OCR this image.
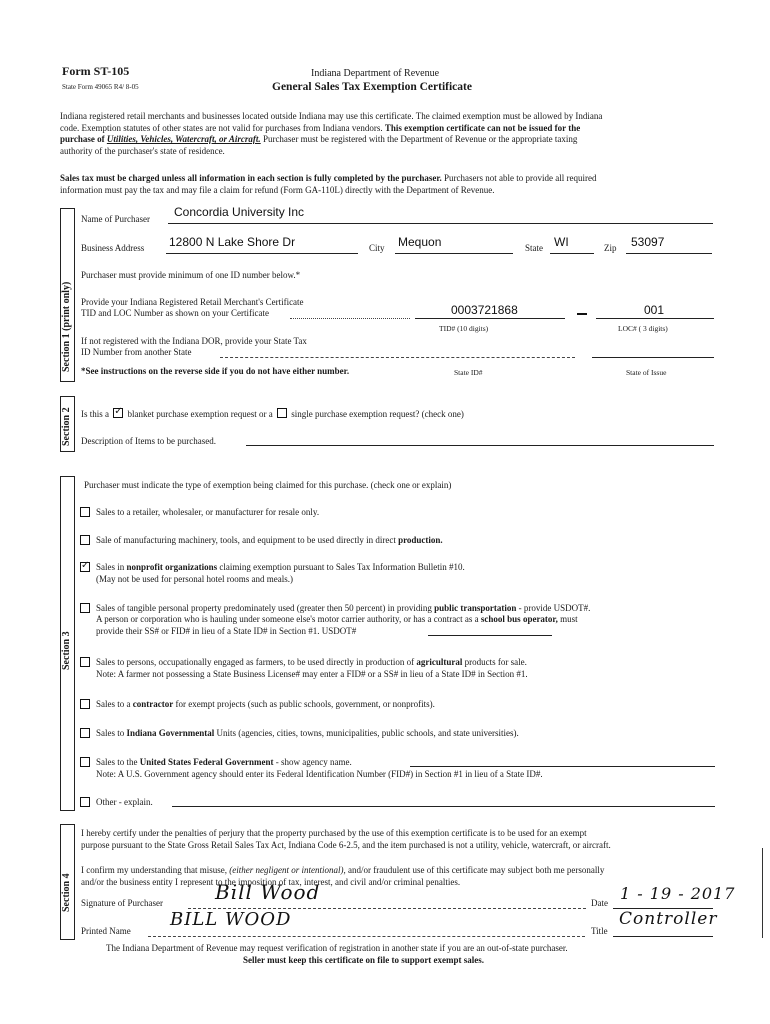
Form ST-105
State Form 49065 R4/ 8-05
Indiana Department of Revenue
General Sales Tax Exemption Certificate
Indiana registered retail merchants and businesses located outside Indiana may use this certificate. The claimed exemption must be allowed by Indiana
code. Exemption statutes of other states are not valid for purchases from Indiana vendors. This exemption certificate can not be issued for the
purchase of Utilities, Vehicles, Watercraft, or Aircraft. Purchaser must be registered with the Department of Revenue or the appropriate taxing
authority of the purchaser's state of residence.
Sales tax must be charged unless all information in each section is fully completed by the purchaser. Purchasers not able to provide all required
information must pay the tax and may file a claim for refund (Form GA-110L) directly with the Department of Revenue.
Section 1 (print only)
Name of Purchaser Concordia University Inc
Business Address 12800 N Lake Shore Dr	City Mequon	State WI	Zip 53097
Purchaser must provide minimum of one ID number below.*
Provide your Indiana Registered Retail Merchant's Certificate
TID and LOC Number as shown on your Certificate	0003721868	001
TID# (10 digits)	LOC# ( 3 digits)
If not registered with the Indiana DOR, provide your State Tax
ID Number from another State
*See instructions on the reverse side if you do not have either number.	State ID#	State of Issue
Section 2 Is this a ✓ blanket purchase exemption request or a single purchase exemption request? (check one)
Description of Items to be purchased.
Section 3
Purchaser must indicate the type of exemption being claimed for this purchase. (check one or explain)
Sales to a retailer, wholesaler, or manufacturer for resale only.
Sale of manufacturing machinery, tools, and equipment to be used directly in direct production.
✓
Sales in nonprofit organizations claiming exemption pursuant to Sales Tax Information Bulletin #10.
(May not be used for personal hotel rooms and meals.)
Sales of tangible personal property predominately used (greater then 50 percent) in providing public transportation - provide USDOT#.
A person or corporation who is hauling under someone else's motor carrier authority, or has a contract as a school bus operator, must
provide their SS# or FID# in lieu of a State ID# in Section #1. USDOT#
Sales to persons, occupationally engaged as farmers, to be used directly in production of agricultural products for sale.
Note: A farmer not possessing a State Business License# may enter a FID# or a SS# in lieu of a State ID# in Section #1.
Sales to a contractor for exempt projects (such as public schools, government, or nonprofits).
Sales to Indiana Governmental Units (agencies, cities, towns, municipalities, public schools, and state universities).
Sales to the United States Federal Government - show agency name.
Note: A U.S. Government agency should enter its Federal Identification Number (FID#) in Section #1 in lieu of a State ID#.
Other - explain.
Section 4
I hereby certify under the penalties of perjury that the property purchased by the use of this exemption certificate is to be used for an exempt
purpose pursuant to the State Gross Retail Sales Tax Act, Indiana Code 6-2.5, and the item purchased is not a utility, vehicle, watercraft, or aircraft.
I confirm my understanding that misuse, (either negligent or intentional), and/or fraudulent use of this certificate may subject both me personally
and/or the business entity I represent to the imposition of tax, interest, and civil and/or criminal penalties.
Signature of Purchaser	Bill Wood	Date 1 - 19 - 2017
Printed Name
BILL WOOD
Title
Controller
The Indiana Department of Revenue may request verification of registration in another state if you are an out-of-state purchaser.
Seller must keep this certificate on file to support exempt sales.
